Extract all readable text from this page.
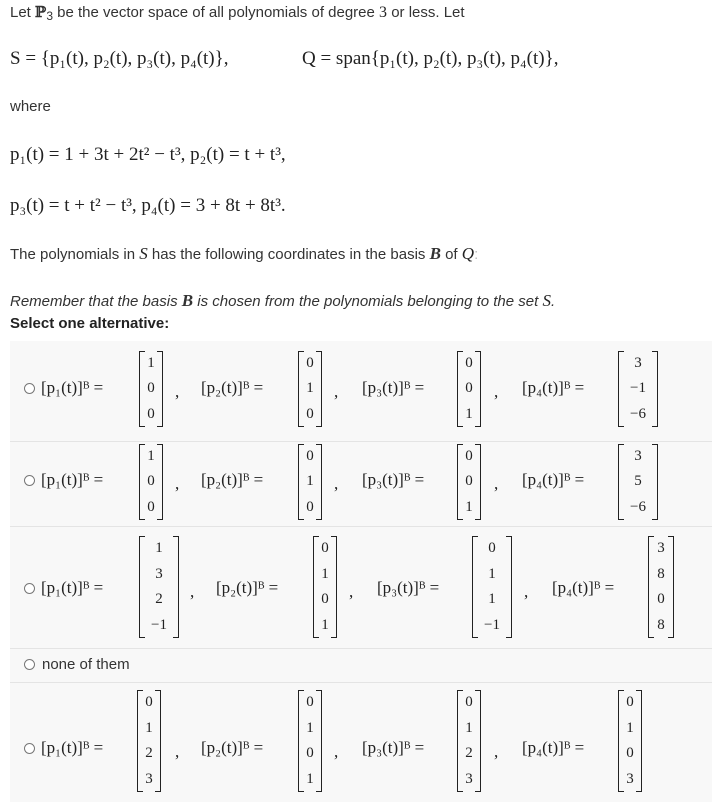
Let ℙ$_3$ be the vector space of all polynomials of degree 3 or less. Let
S = {p₁(t), p₂(t), p₃(t), p₄(t)},	Q = span{p₁(t), p₂(t), p₃(t), p₄(t)},
where
p₁(t) = 1 + 3t + 2t² − t³, p₂(t) = t + t³,
p₃(t) = t + t² − t³, p₄(t) = 3 + 8t + 8t³.
The polynomials in S has the following coordinates in the basis B of Q:
Remember that the basis B is chosen from the polynomials belonging to the set S.
Select one alternative:
[p₁(t)]ᴮ =
1
0
0
, [p₂(t)]ᴮ =
0
1
0
, [p₃(t)]ᴮ =
0
0
1
, [p₄(t)]ᴮ =
3
−1
−6
[p₁(t)]ᴮ =
1
0
0
, [p₂(t)]ᴮ =
0
1
0
, [p₃(t)]ᴮ =
0
0
1
, [p₄(t)]ᴮ =
3
5
−6
[p₁(t)]ᴮ =
1
3
2
−1
, [p₂(t)]ᴮ =
0
1
0
1
, [p₃(t)]ᴮ =
0
1
1
−1
, [p₄(t)]ᴮ =
3
8
0
8
none of them
[p₁(t)]ᴮ =
0
1
2
3
, [p₂(t)]ᴮ =
0
1
0
1
, [p₃(t)]ᴮ =
0
1
2
3
, [p₄(t)]ᴮ =
0
1
0
3
